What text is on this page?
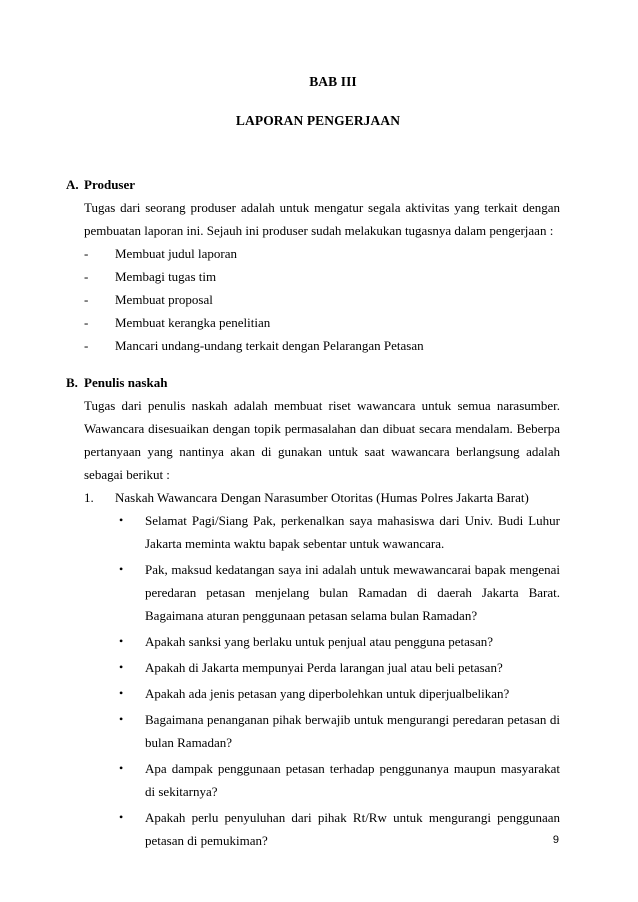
BAB III
LAPORAN PENGERJAAN
A. Produser
Tugas dari seorang produser adalah untuk mengatur segala aktivitas yang terkait dengan pembuatan laporan ini. Sejauh ini produser sudah melakukan tugasnya dalam pengerjaan :
- Membuat judul laporan
- Membagi tugas tim
- Membuat proposal
- Membuat kerangka penelitian
- Mancari undang-undang terkait dengan Pelarangan Petasan
B. Penulis naskah
Tugas dari penulis naskah adalah membuat riset wawancara untuk semua narasumber. Wawancara disesuaikan dengan topik permasalahan dan dibuat secara mendalam. Beberpa pertanyaan yang nantinya akan di gunakan untuk saat wawancara berlangsung adalah sebagai berikut :
1. Naskah Wawancara Dengan Narasumber Otoritas (Humas Polres Jakarta Barat)
• Selamat Pagi/Siang Pak, perkenalkan saya mahasiswa dari Univ. Budi Luhur Jakarta meminta waktu bapak sebentar untuk wawancara.
• Pak, maksud kedatangan saya ini adalah untuk mewawancarai bapak mengenai peredaran petasan menjelang bulan Ramadan di daerah Jakarta Barat. Bagaimana aturan penggunaan petasan selama bulan Ramadan?
• Apakah sanksi yang berlaku untuk penjual atau pengguna petasan?
• Apakah di Jakarta mempunyai Perda larangan jual atau beli petasan?
• Apakah ada jenis petasan yang diperbolehkan untuk diperjualbelikan?
• Bagaimana penanganan pihak berwajib untuk mengurangi peredaran petasan di bulan Ramadan?
• Apa dampak penggunaan petasan terhadap penggunanya maupun masyarakat di sekitarnya?
• Apakah perlu penyuluhan dari pihak Rt/Rw untuk mengurangi penggunaan petasan di pemukiman?	9
